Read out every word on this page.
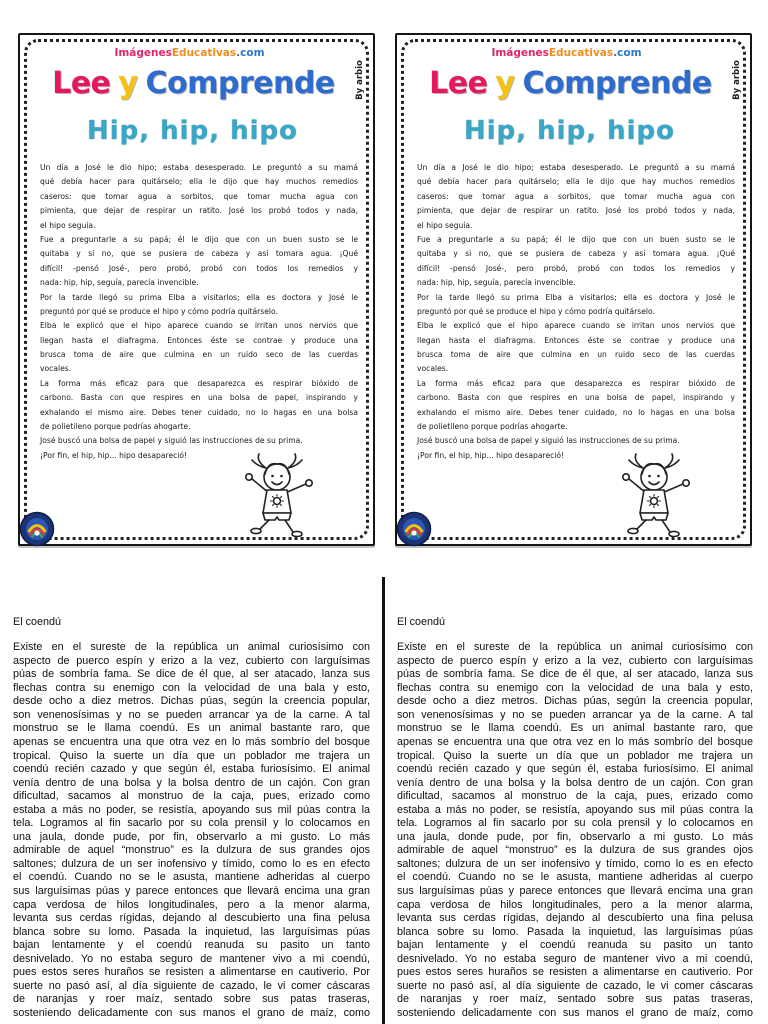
ImágenesEducativas.com
Lee y Comprende	By arbio
Hip, hip, hipo
Un día a José le dio hipo; estaba desesperado. Le preguntó a su mamá
qué debía hacer para quitárselo; ella le dijo que hay muchos remedios
caseros: que tomar agua a sorbitos, que tomar mucha agua con
pimienta, que dejar de respirar un ratito. José los probó todos y nada,
el hipo seguía.
Fue a preguntarle a su papá; él le dijo que con un buen susto se le
quitaba y si no, que se pusiera de cabeza y así tomara agua. ¡Qué
difícil! -pensó José-, pero probó, probó con todos los remedios y
nada: hip, hip, seguía, parecía invencible.
Por la tarde llegó su prima Elba a visitarlos; ella es doctora y José le
preguntó por qué se produce el hipo y cómo podría quitárselo.
Elba le explicó que el hipo aparece cuando se irritan unos nervios que
llegan hasta el diafragma. Entonces éste se contrae y produce una
brusca toma de aire que culmina en un ruido seco de las cuerdas
vocales.
La forma más eficaz para que desaparezca es respirar bióxido de
carbono. Basta con que respires en una bolsa de papel, inspirando y
exhalando el mismo aire. Debes tener cuidado, no lo hagas en una bolsa
de polietileno porque podrías ahogarte.
José buscó una bolsa de papel y siguió las instrucciones de su prima.
¡Por fin, el hip, hip... hipo desapareció!
ImágenesEducativas.com
Lee y Comprende	By arbio
Hip, hip, hipo
Un día a José le dio hipo; estaba desesperado. Le preguntó a su mamá
qué debía hacer para quitárselo; ella le dijo que hay muchos remedios
caseros: que tomar agua a sorbitos, que tomar mucha agua con
pimienta, que dejar de respirar un ratito. José los probó todos y nada,
el hipo seguía.
Fue a preguntarle a su papá; él le dijo que con un buen susto se le
quitaba y si no, que se pusiera de cabeza y así tomara agua. ¡Qué
difícil! -pensó José-, pero probó, probó con todos los remedios y
nada: hip, hip, seguía, parecía invencible.
Por la tarde llegó su prima Elba a visitarlos; ella es doctora y José le
preguntó por qué se produce el hipo y cómo podría quitárselo.
Elba le explicó que el hipo aparece cuando se irritan unos nervios que
llegan hasta el diafragma. Entonces éste se contrae y produce una
brusca toma de aire que culmina en un ruido seco de las cuerdas
vocales.
La forma más eficaz para que desaparezca es respirar bióxido de
carbono. Basta con que respires en una bolsa de papel, inspirando y
exhalando el mismo aire. Debes tener cuidado, no lo hagas en una bolsa
de polietileno porque podrías ahogarte.
José buscó una bolsa de papel y siguió las instrucciones de su prima.
¡Por fin, el hip, hip... hipo desapareció!
El coendú
Existe en el sureste de la república un animal curiosísimo con
aspecto de puerco espín y erizo a la vez, cubierto con larguísimas
púas de sombría fama. Se dice de él que, al ser atacado, lanza sus
flechas contra su enemigo con la velocidad de una bala y esto,
desde ocho a diez metros. Dichas púas, según la creencia popular,
son venenosísimas y no se pueden arrancar ya de la carne. A tal
monstruo se le llama coendú. Es un animal bastante raro, que
apenas se encuentra una que otra vez en lo más sombrío del bosque
tropical. Quiso la suerte un día que un poblador me trajera un
coendú recién cazado y que según él, estaba furiosísimo. El animal
venía dentro de una bolsa y la bolsa dentro de un cajón. Con gran
dificultad, sacamos al monstruo de la caja, pues, erizado como
estaba a más no poder, se resistía, apoyando sus mil púas contra la
tela. Logramos al fin sacarlo por su cola prensil y lo colocamos en
una jaula, donde pude, por fin, observarlo a mi gusto. Lo más
admirable de aquel “monstruo” es la dulzura de sus grandes ojos
saltones; dulzura de un ser inofensivo y tímido, como lo es en efecto
el coendú. Cuando no se le asusta, mantiene adheridas al cuerpo
sus larguísimas púas y parece entonces que llevará encima una gran
capa verdosa de hilos longitudinales, pero a la menor alarma,
levanta sus cerdas rígidas, dejando al descubierto una fina pelusa
blanca sobre su lomo. Pasada la inquietud, las larguísimas púas
bajan lentamente y el coendú reanuda su pasito un tanto
desnivelado. Yo no estaba seguro de mantener vivo a mi coendú,
pues estos seres huraños se resisten a alimentarse en cautiverio. Por
suerte no pasó así, al día siguiente de cazado, le vi comer cáscaras
de naranjas y roer maíz, sentado sobre sus patas traseras,
sosteniendo delicadamente con sus manos el grano de maíz, como
El coendú
Existe en el sureste de la república un animal curiosísimo con
aspecto de puerco espín y erizo a la vez, cubierto con larguísimas
púas de sombría fama. Se dice de él que, al ser atacado, lanza sus
flechas contra su enemigo con la velocidad de una bala y esto,
desde ocho a diez metros. Dichas púas, según la creencia popular,
son venenosísimas y no se pueden arrancar ya de la carne. A tal
monstruo se le llama coendú. Es un animal bastante raro, que
apenas se encuentra una que otra vez en lo más sombrío del bosque
tropical. Quiso la suerte un día que un poblador me trajera un
coendú recién cazado y que según él, estaba furiosísimo. El animal
venía dentro de una bolsa y la bolsa dentro de un cajón. Con gran
dificultad, sacamos al monstruo de la caja, pues, erizado como
estaba a más no poder, se resistía, apoyando sus mil púas contra la
tela. Logramos al fin sacarlo por su cola prensil y lo colocamos en
una jaula, donde pude, por fin, observarlo a mi gusto. Lo más
admirable de aquel “monstruo” es la dulzura de sus grandes ojos
saltones; dulzura de un ser inofensivo y tímido, como lo es en efecto
el coendú. Cuando no se le asusta, mantiene adheridas al cuerpo
sus larguísimas púas y parece entonces que llevará encima una gran
capa verdosa de hilos longitudinales, pero a la menor alarma,
levanta sus cerdas rígidas, dejando al descubierto una fina pelusa
blanca sobre su lomo. Pasada la inquietud, las larguísimas púas
bajan lentamente y el coendú reanuda su pasito un tanto
desnivelado. Yo no estaba seguro de mantener vivo a mi coendú,
pues estos seres huraños se resisten a alimentarse en cautiverio. Por
suerte no pasó así, al día siguiente de cazado, le vi comer cáscaras
de naranjas y roer maíz, sentado sobre sus patas traseras,
sosteniendo delicadamente con sus manos el grano de maíz, como
